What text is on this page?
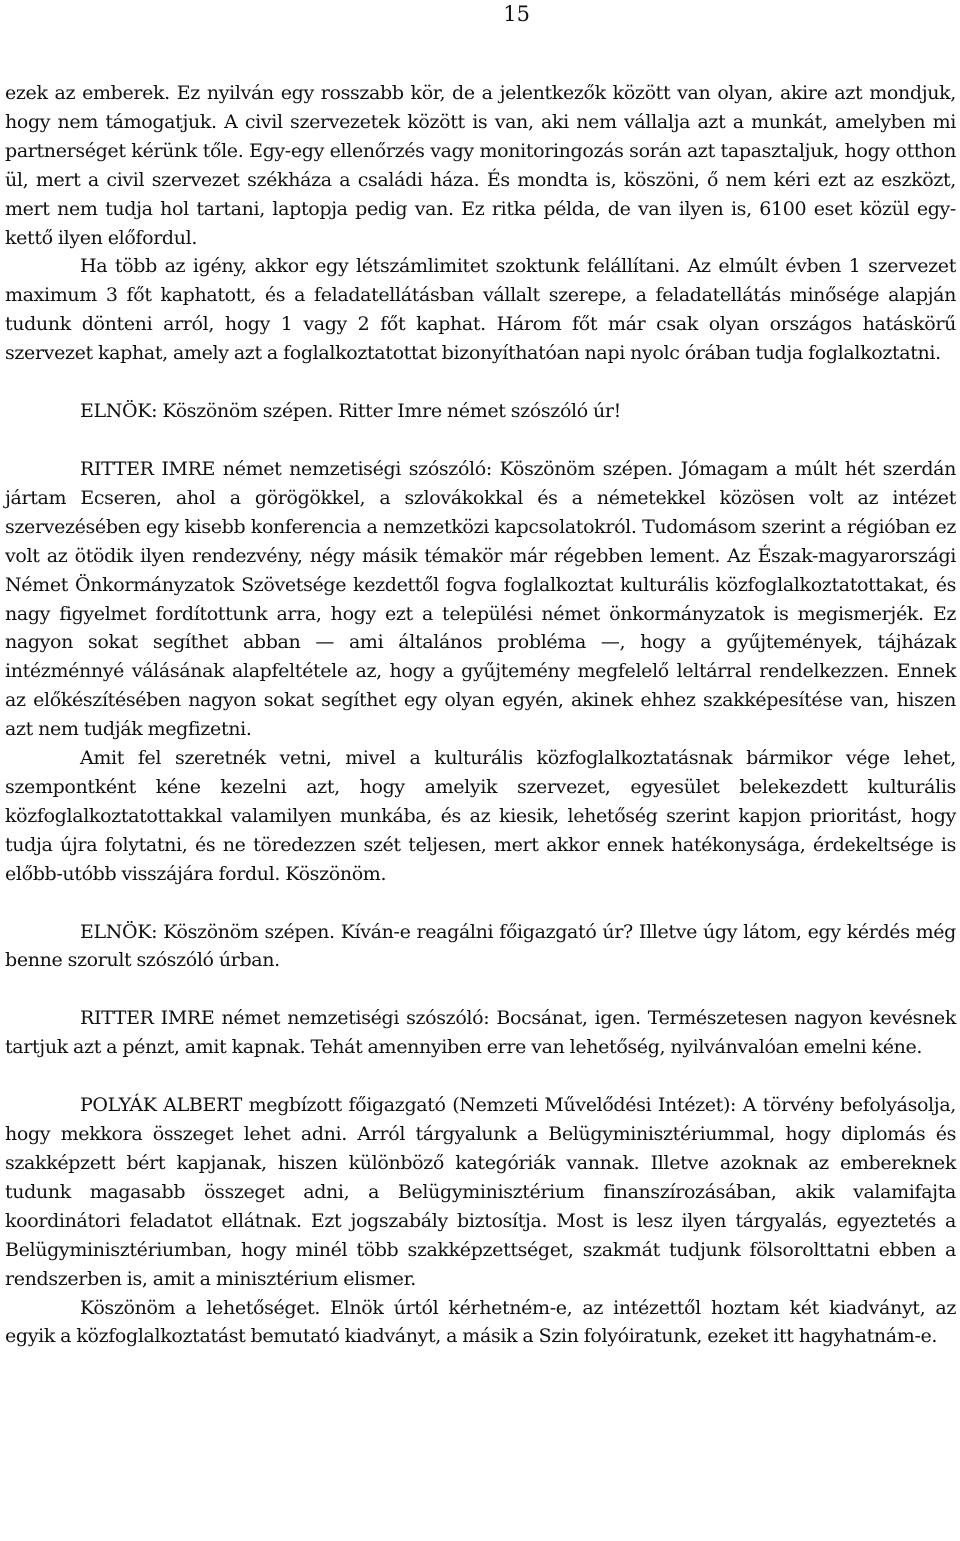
15

ezek az emberek. Ez nyilván egy rosszabb kör, de a jelentkezők között van olyan, akire azt mondjuk, hogy nem támogatjuk. A civil szervezetek között is van, aki nem vállalja azt a munkát, amelyben mi partnerséget kérünk tőle. Egy-egy ellenőrzés vagy monitoringozás során azt tapasztaljuk, hogy otthon ül, mert a civil szervezet székháza a családi háza. És mondta is, köszöni, ő nem kéri ezt az eszközt, mert nem tudja hol tartani, laptopja pedig van. Ez ritka példa, de van ilyen is, 6100 eset közül egy-kettő ilyen előfordul.

Ha több az igény, akkor egy létszámlimitet szoktunk felállítani. Az elmúlt évben 1 szervezet maximum 3 főt kaphatott, és a feladatellátásban vállalt szerepe, a feladatellátás minősége alapján tudunk dönteni arról, hogy 1 vagy 2 főt kaphat. Három főt már csak olyan országos hatáskörű szervezet kaphat, amely azt a foglalkoztatottat bizonyíthatóan napi nyolc órában tudja foglalkoztatni.

ELNÖK: Köszönöm szépen. Ritter Imre német szószóló úr!

RITTER IMRE német nemzetiségi szószóló: Köszönöm szépen. Jómagam a múlt hét szerdán jártam Ecseren, ahol a görögökkel, a szlovákokkal és a németekkel közösen volt az intézet szervezésében egy kisebb konferencia a nemzetközi kapcsolatokról. Tudomásom szerint a régióban ez volt az ötödik ilyen rendezvény, négy másik témakör már régebben lement. Az Észak-magyarországi Német Önkormányzatok Szövetsége kezdettől fogva foglalkoztat kulturális közfoglalkoztatottakat, és nagy figyelmet fordítottunk arra, hogy ezt a települési német önkormányzatok is megismerjék. Ez nagyon sokat segíthet abban — ami általános probléma —, hogy a gyűjtemények, tájházak intézménnyé válásának alapfeltétele az, hogy a gyűjtemény megfelelő leltárral rendelkezzen. Ennek az előkészítésében nagyon sokat segíthet egy olyan egyén, akinek ehhez szakképesítése van, hiszen azt nem tudják megfizetni.

Amit fel szeretnék vetni, mivel a kulturális közfoglalkoztatásnak bármikor vége lehet, szempontként kéne kezelni azt, hogy amelyik szervezet, egyesület belekezdett kulturális közfoglalkoztatottakkal valamilyen munkába, és az kiesik, lehetőség szerint kapjon prioritást, hogy tudja újra folytatni, és ne töredezzen szét teljesen, mert akkor ennek hatékonysága, érdekeltsége is előbb-utóbb visszájára fordul. Köszönöm.

ELNÖK: Köszönöm szépen. Kíván-e reagálni főigazgató úr? Illetve úgy látom, egy kérdés még benne szorult szószóló úrban.

RITTER IMRE német nemzetiségi szószóló: Bocsánat, igen. Természetesen nagyon kevésnek tartjuk azt a pénzt, amit kapnak. Tehát amennyiben erre van lehetőség, nyilvánvalóan emelni kéne.

POLYÁK ALBERT megbízott főigazgató (Nemzeti Művelődési Intézet): A törvény befolyásolja, hogy mekkora összeget lehet adni. Arról tárgyalunk a Belügyminisztériummal, hogy diplomás és szakképzett bért kapjanak, hiszen különböző kategóriák vannak. Illetve azoknak az embereknek tudunk magasabb összeget adni, a Belügyminisztérium finanszírozásában, akik valamifajta koordinátori feladatot ellátnak. Ezt jogszabály biztosítja. Most is lesz ilyen tárgyalás, egyeztetés a Belügyminisztériumban, hogy minél több szakképzettséget, szakmát tudjunk fölsorolttatni ebben a rendszerben is, amit a minisztérium elismer.

Köszönöm a lehetőséget. Elnök úrtól kérhetném-e, az intézettől hoztam két kiadványt, az egyik a közfoglalkoztatást bemutató kiadványt, a másik a Szin folyóiratunk, ezeket itt hagyhatnám-e.
